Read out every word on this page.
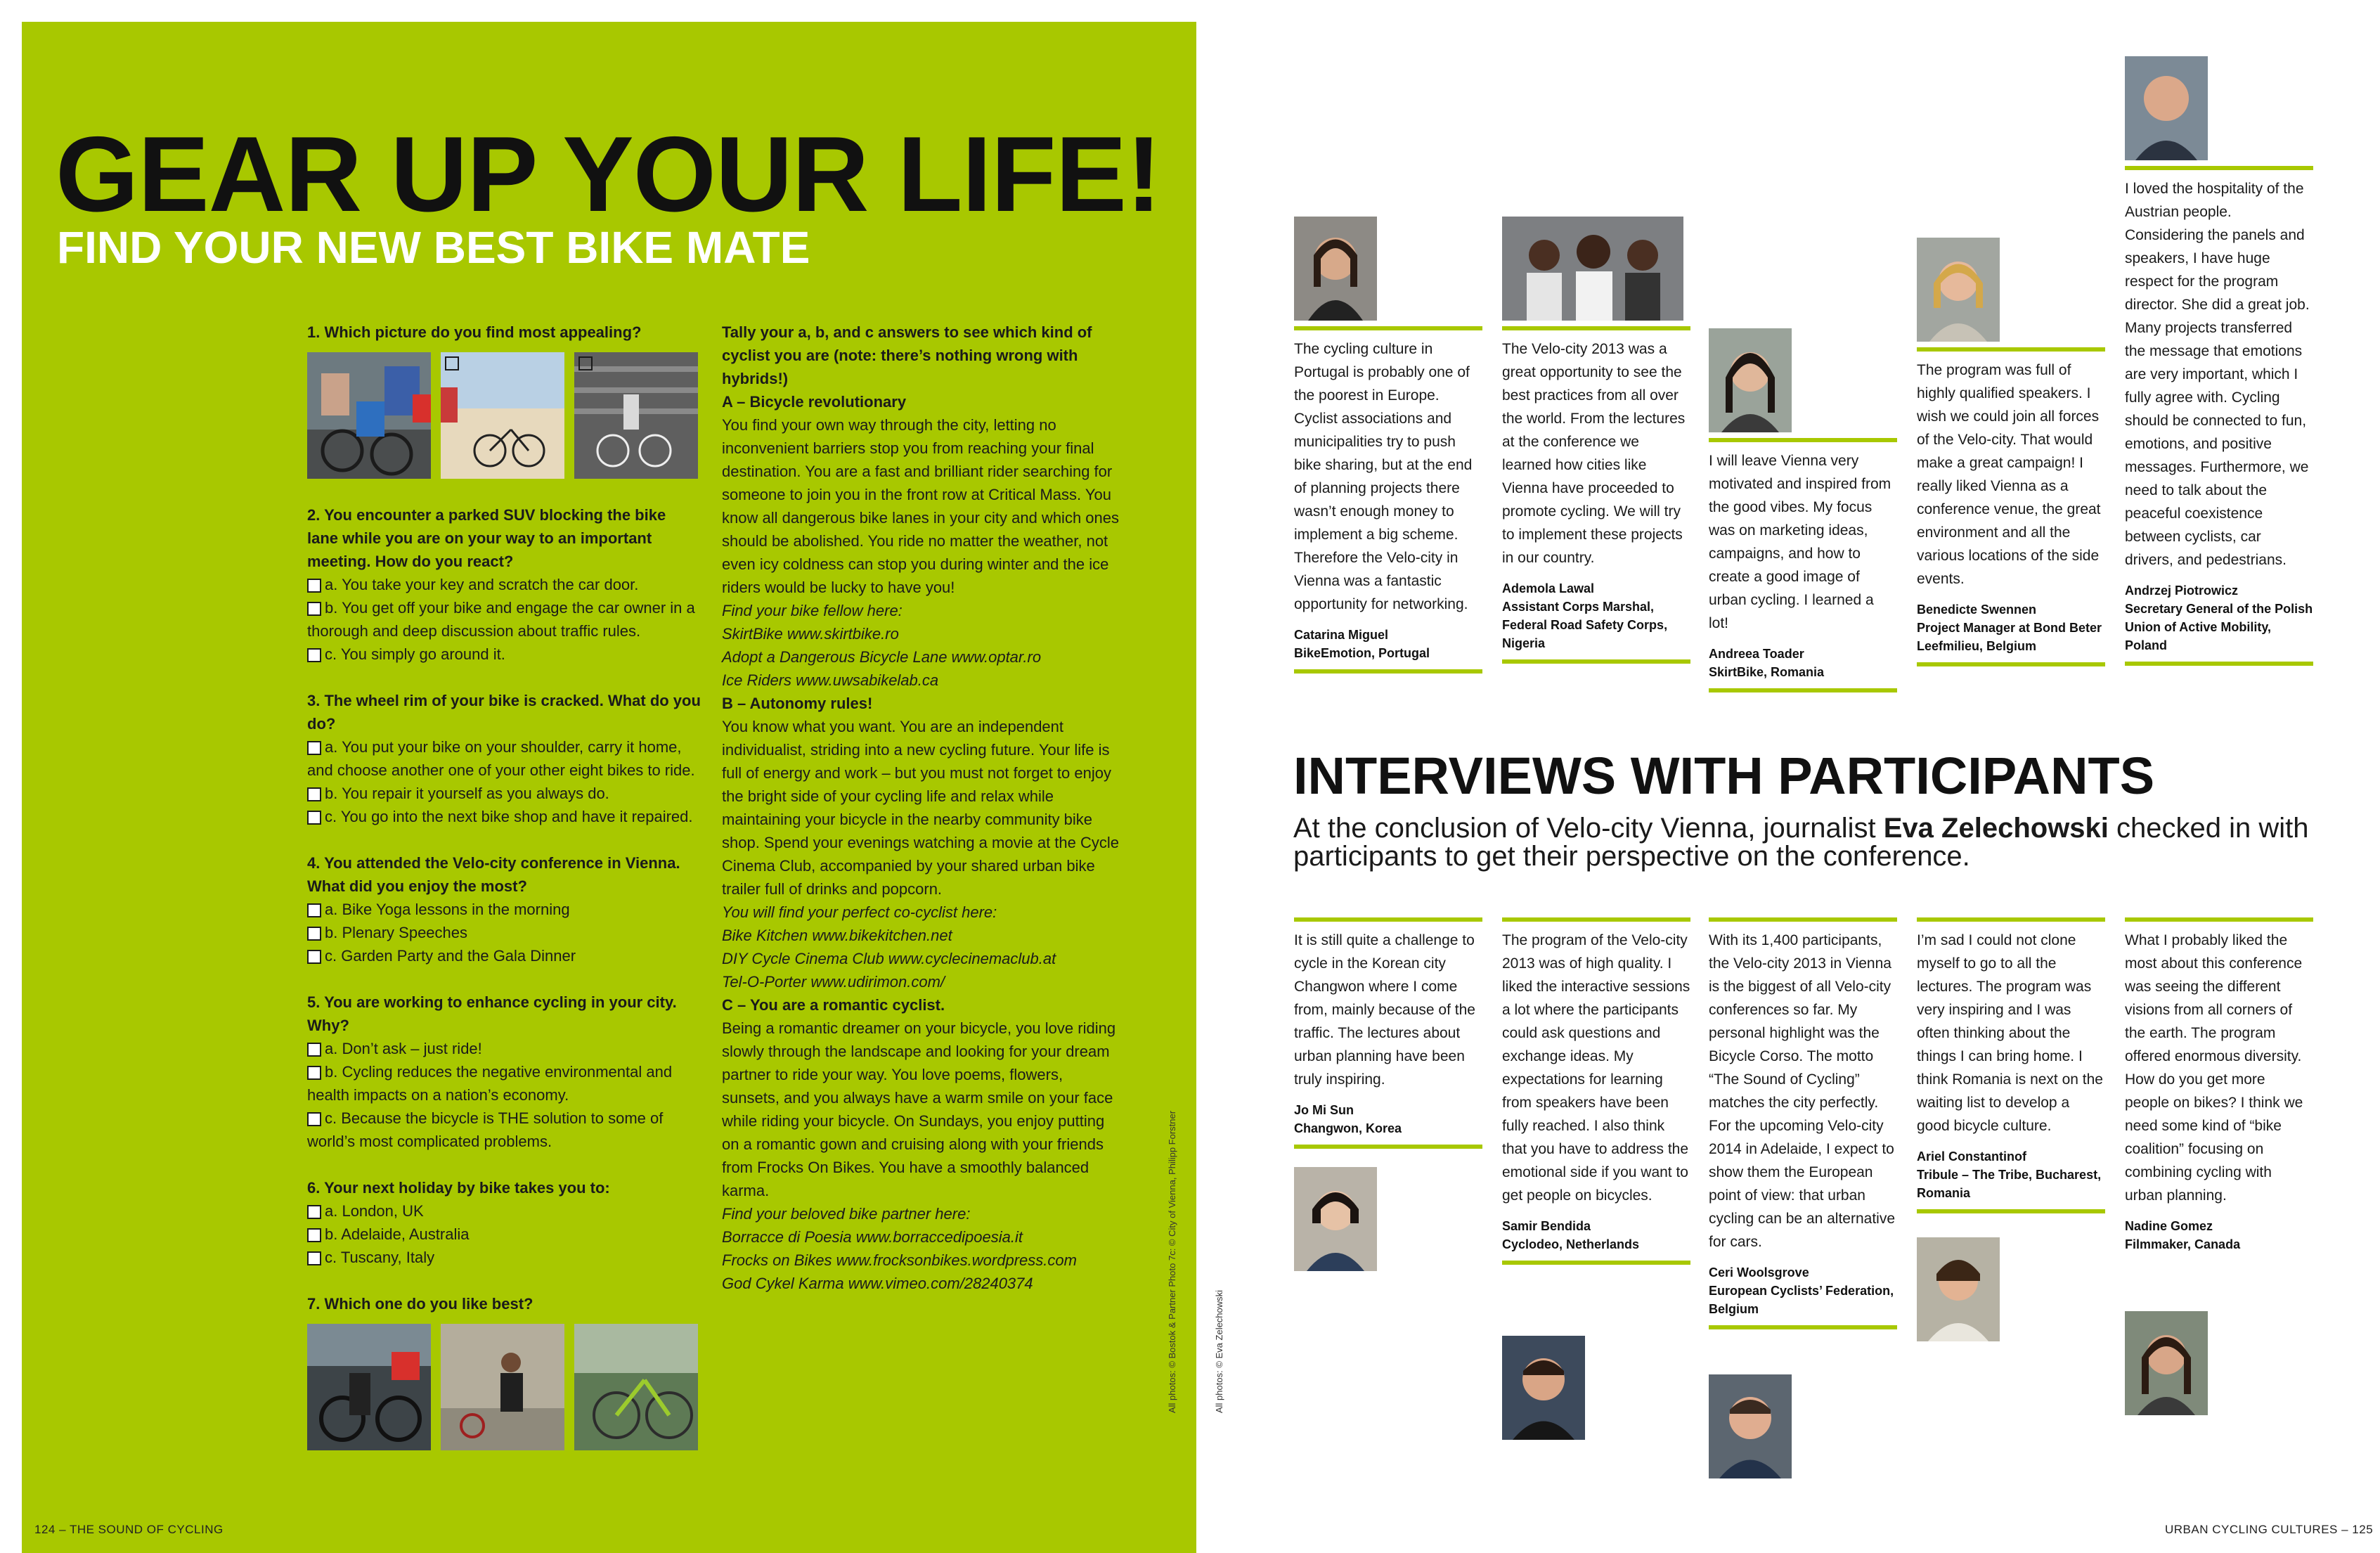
GEAR UP YOUR LIFE!
FIND YOUR NEW BEST BIKE MATE
1. Which picture do you find most appealing?
2. You encounter a parked SUV blocking the bike lane while you are on your way to an important meeting. How do you react?
a. You take your key and scratch the car door.
b. You get off your bike and engage the car owner in a thorough and deep discussion about traffic rules.
c. You simply go around it.
3. The wheel rim of your bike is cracked. What do you do?
a. You put your bike on your shoulder, carry it home, and choose another one of your other eight bikes to ride.
b. You repair it yourself as you always do.
c. You go into the next bike shop and have it repaired.
4. You attended the Velo-city conference in Vienna. What did you enjoy the most?
a. Bike Yoga lessons in the morning
b. Plenary Speeches
c. Garden Party and the Gala Dinner
5. You are working to enhance cycling in your city. Why?
a. Don’t ask – just ride!
b. Cycling reduces the negative environmental and health impacts on a nation’s economy.
c. Because the bicycle is THE solution to some of world’s most complicated problems.
6. Your next holiday by bike takes you to:
a. London, UK
b. Adelaide, Australia
c. Tuscany, Italy
7. Which one do you like best?

Tally your a, b, and c answers to see which kind of cyclist you are (note: there’s nothing wrong with hybrids!)

A – Bicycle revolutionary

You find your own way through the city, letting no inconvenient barriers stop you from reaching your final destination. You are a fast and brilliant rider searching for someone to join you in the front row at Critical Mass. You know all dangerous bike lanes in your city and which ones should be abolished. You ride no matter the weather, not even icy coldness can stop you during winter and the ice riders would be lucky to have you!

Find your bike fellow here:

SkirtBike www.skirtbike.ro

Adopt a Dangerous Bicycle Lane www.optar.ro

Ice Riders www.uwsabikelab.ca

B – Autonomy rules!

You know what you want. You are an independent individualist, striding into a new cycling future. Your life is full of energy and work – but you must not forget to enjoy the bright side of your cycling life and relax while maintaining your bicycle in the nearby community bike shop. Spend your evenings watching a movie at the Cycle Cinema Club, accompanied by your shared urban bike trailer full of drinks and popcorn.

You will find your perfect co-cyclist here:

Bike Kitchen www.bikekitchen.net

DIY Cycle Cinema Club www.cyclecinemaclub.at

Tel-O-Porter www.udirimon.com/

C – You are a romantic cyclist.

Being a romantic dreamer on your bicycle, you love riding slowly through the landscape and looking for your dream partner to ride your way. You love poems, flowers, sunsets, and you always have a warm smile on your face while riding your bicycle. On Sundays, you enjoy putting on a romantic gown and cruising along with your friends from Frocks On Bikes. You have a smoothly balanced karma.

Find your beloved bike partner here:

Borracce di Poesia www.borraccedipoesia.it

Frocks on Bikes www.frocksonbikes.wordpress.com

God Cykel Karma www.vimeo.com/28240374	All photos: © Bostok & Partner Photo 7c: © City of Vienna, Philipp Forstner
124 – THE SOUND OF CYCLING
All photos: © Eva Zelechowski
The cycling culture in Portugal is probably one of the poorest in Europe. Cyclist associations and municipalities try to push bike sharing, but at the end of planning projects there wasn’t enough money to implement a big scheme. Therefore the Velo-city in Vienna was a fantastic opportunity for networking.
Catarina Miguel
BikeEmotion, Portugal
The Velo-city 2013 was a great opportunity to see the best practices from all over the world. From the lectures at the conference we learned how cities like Vienna have proceeded to promote cycling. We will try to implement these projects in our country.
Ademola Lawal
Assistant Corps Marshal, Federal Road Safety Corps, Nigeria
I will leave Vienna very motivated and inspired from the good vibes. My focus was on marketing ideas, campaigns, and how to create a good image of urban cycling. I learned a lot!
Andreea Toader
SkirtBike, Romania
The program was full of highly qualified speakers. I wish we could join all forces of the Velo-city. That would make a great campaign! I really liked Vienna as a conference venue, the great environment and all the various locations of the side events.
Benedicte Swennen
Project Manager at Bond Beter Leefmilieu, Belgium
I loved the hospitality of the Austrian people. Considering the panels and speakers, I have huge respect for the program director. She did a great job. Many projects transferred the message that emotions are very important, which I fully agree with. Cycling should be connected to fun, emotions, and positive messages. Furthermore, we need to talk about the peaceful coexistence between cyclists, car drivers, and pedestrians.
Andrzej Piotrowicz
Secretary General of the Polish Union of Active Mobility, Poland
INTERVIEWS WITH PARTICIPANTS

At the conclusion of Velo-city Vienna, journalist Eva Zelechowski checked in with participants to get their perspective on the conference.

It is still quite a challenge to cycle in the Korean city Changwon where I come from, mainly because of the traffic. The lectures about urban planning have been truly inspiring.
Jo Mi Sun
Changwon, Korea
The program of the Velo-city 2013 was of high quality. I liked the interactive sessions a lot where the participants could ask questions and exchange ideas. My expectations for learning from speakers have been fully reached. I also think that you have to address the emotional side if you want to get people on bicycles.
Samir Bendida
Cyclodeo, Netherlands
With its 1,400 participants, the Velo-city 2013 in Vienna is the biggest of all Velo-city conferences so far. My personal highlight was the Bicycle Corso. The motto “The Sound of Cycling” matches the city perfectly. For the upcoming Velo-city 2014 in Adelaide, I expect to show them the European point of view: that urban cycling can be an alternative for cars.
Ceri Woolsgrove
European Cyclists’ Federation, Belgium
I’m sad I could not clone myself to go to all the lectures. The program was very inspiring and I was often thinking about the things I can bring home. I think Romania is next on the waiting list to develop a good bicycle culture.
Ariel Constantinof
Tribule – The Tribe, Bucharest, Romania
What I probably liked the most about this conference was seeing the different visions from all corners of the earth. The program offered enormous diversity. How do you get more people on bikes? I think we need some kind of “bike coalition” focusing on combining cycling with urban planning.
Nadine Gomez
Filmmaker, Canada
URBAN CYCLING CULTURES – 125
